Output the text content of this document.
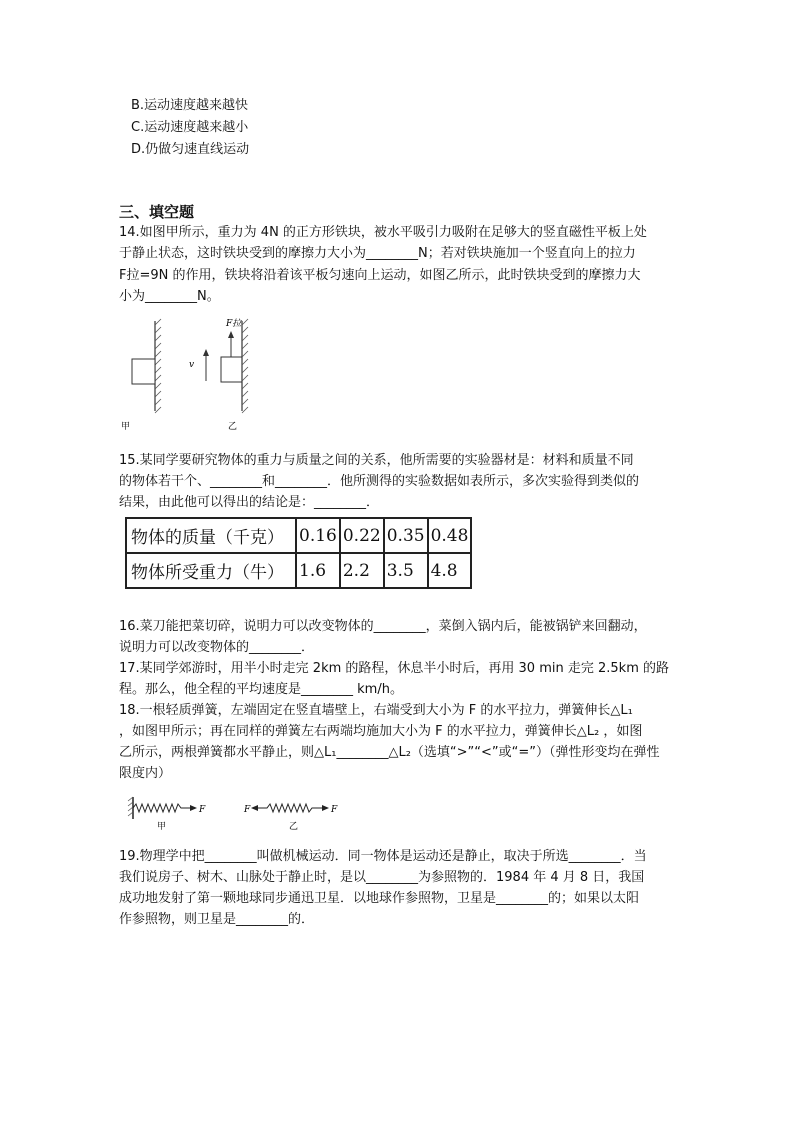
B.运动速度越来越快
C.运动速度越来越小
D.仍做匀速直线运动
三、填空题
14.如图甲所示，重力为 4N 的正方形铁块，被水平吸引力吸附在足够大的竖直磁性平板上处
于静止状态，这时铁块受到的摩擦力大小为________N；若对铁块施加一个竖直向上的拉力
F拉=9N 的作用，铁块将沿着该平板匀速向上运动，如图乙所示，此时铁块受到的摩擦力大
小为________N。
甲
v
F拉
乙
15.某同学要研究物体的重力与质量之间的关系，他所需要的实验器材是：材料和质量不同
的物体若干个、________和________．他所测得的实验数据如表所示，多次实验得到类似的
结果，由此他可以得出的结论是：________．
物体的质量（千克）	0.16	0.22	0.35	0.48
物体所受重力（牛）	1.6	2.2	3.5	4.8
16.菜刀能把菜切碎，说明力可以改变物体的________，菜倒入锅内后，能被锅铲来回翻动，
说明力可以改变物体的________．
17.某同学郊游时，用半小时走完 2km 的路程，休息半小时后，再用 30 min 走完 2.5km 的路
程。那么，他全程的平均速度是________ km/h。
18.一根轻质弹簧，左端固定在竖直墙壁上，右端受到大小为 F 的水平拉力，弹簧伸长△L₁
，如图甲所示；再在同样的弹簧左右两端均施加大小为 F 的水平拉力，弹簧伸长△L₂ ，如图
乙所示，两根弹簧都水平静止，则△L₁________△L₂（选填“>”“<”或“=”）（弹性形变均在弹性
限度内）
F
甲
F	F
乙
19.物理学中把________叫做机械运动．同一物体是运动还是静止，取决于所选________．当
我们说房子、树木、山脉处于静止时，是以________为参照物的．1984 年 4 月 8 日，我国
成功地发射了第一颗地球同步通迅卫星．以地球作参照物，卫星是________的；如果以太阳
作参照物，则卫星是________的．
